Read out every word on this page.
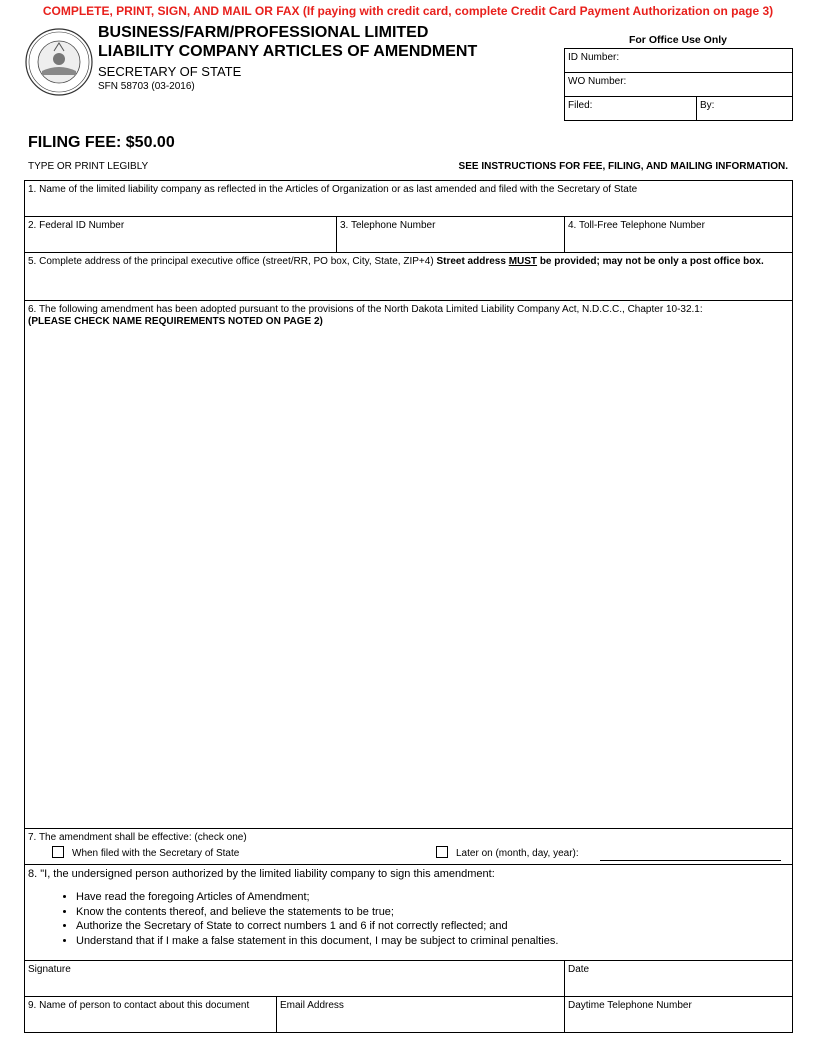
COMPLETE, PRINT, SIGN, AND MAIL OR FAX (If paying with credit card, complete Credit Card Payment Authorization on page 3)
BUSINESS/FARM/PROFESSIONAL LIMITED
LIABILITY COMPANY ARTICLES OF AMENDMENT
SECRETARY OF STATE
SFN 58703 (03-2016)
For Office Use Only
ID Number:
WO Number:
Filed:	By:
FILING FEE: $50.00
TYPE OR PRINT LEGIBLY	SEE INSTRUCTIONS FOR FEE, FILING, AND MAILING INFORMATION.
1. Name of the limited liability company as reflected in the Articles of Organization or as last amended and filed with the Secretary of State
2. Federal ID Number	3. Telephone Number	4. Toll-Free Telephone Number
5. Complete address of the principal executive office (street/RR, PO box, City, State, ZIP+4) Street address MUST be provided; may not be only a post office box.
6. The following amendment has been adopted pursuant to the provisions of the North Dakota Limited Liability Company Act, N.D.C.C., Chapter 10-32.1:
(PLEASE CHECK NAME REQUIREMENTS NOTED ON PAGE 2)
7. The amendment shall be effective: (check one)
When filed with the Secretary of State	Later on (month, day, year):
8. "I, the undersigned person authorized by the limited liability company to sign this amendment:
• Have read the foregoing Articles of Amendment;
• Know the contents thereof, and believe the statements to be true;
• Authorize the Secretary of State to correct numbers 1 and 6 if not correctly reflected; and
• Understand that if I make a false statement in this document, I may be subject to criminal penalties.
Signature	Date
9. Name of person to contact about this document	Email Address	Daytime Telephone Number
